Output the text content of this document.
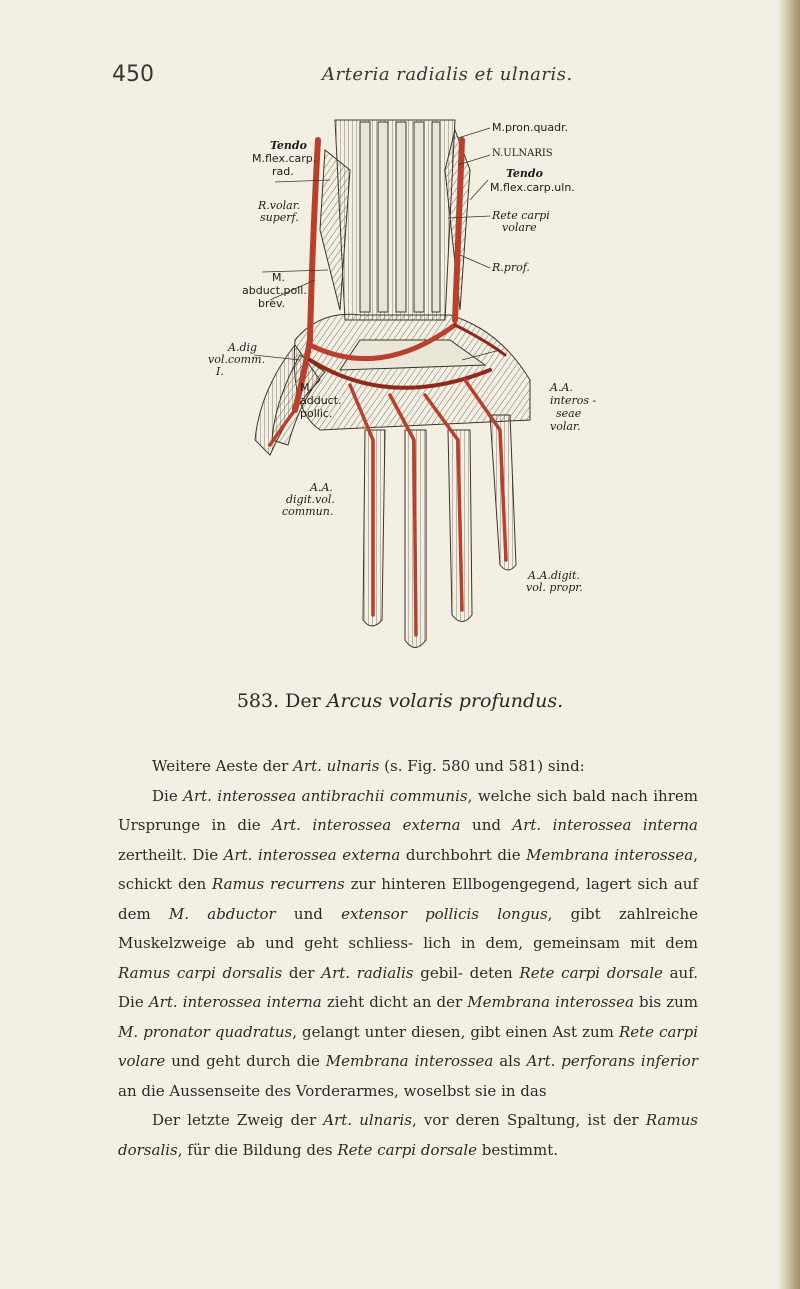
450	Arteria radialis et ulnaris.
Tendo
M.flex.carp.
rad.
R.volar.
superf.
M.
abduct.poll.
brev.
A.dig
vol.comm.
I.
M.
adduct.
pollic.
A.A.
digit.vol.
commun.
M.pron.quadr.
N.ULNARIS
Tendo
M.flex.carp.uln.
Rete carpi
volare
R.prof.
A.A.
interos -
seae
volar.
A.A.digit.
vol. propr.
583. Der Arcus volaris profundus.

Weitere Aeste der Art. ulnaris (s. Fig. 580 und 581) sind:

Die Art. interossea antibrachii communis, welche sich bald nach ihrem Ursprunge in die Art. interossea externa und Art. interossea interna zertheilt. Die Art. interossea externa durchbohrt die Membrana interossea, schickt den Ramus recurrens zur hinteren Ellbogengegend, lagert sich auf dem M. abductor und extensor pollicis longus, gibt zahlreiche Muskelzweige ab und geht schliess- lich in dem, gemeinsam mit dem Ramus carpi dorsalis der Art. radialis gebil- deten Rete carpi dorsale auf. Die Art. interossea interna zieht dicht an der Membrana interossea bis zum M. pronator quadratus, gelangt unter diesen, gibt einen Ast zum Rete carpi volare und geht durch die Membrana interossea als Art. perforans inferior an die Aussenseite des Vorderarmes, woselbst sie in das

Der letzte Zweig der Art. ulnaris, vor deren Spaltung, ist der Ramus dorsalis, für die Bildung des Rete carpi dorsale bestimmt.
